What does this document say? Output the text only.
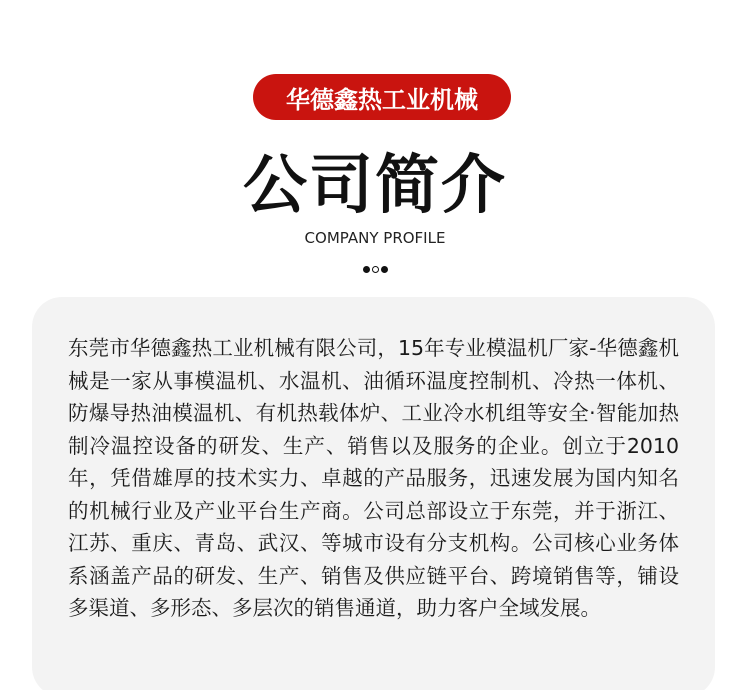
华德鑫热工业机械
公司简介
COMPANY PROFILE

东莞市华德鑫热工业机械有限公司，15年专业模温机厂家-华德鑫机械是一家从事模温机、水温机、油循环温度控制机、冷热一体机、防爆导热油模温机、有机热载体炉、工业冷水机组等安全·智能加热制冷温控设备的研发、生产、销售以及服务的企业。创立于2010年，凭借雄厚的技术实力、卓越的产品服务，迅速发展为国内知名的机械行业及产业平台生产商。公司总部设立于东莞，并于浙江、江苏、重庆、青岛、武汉、等城市设有分支机构。公司核心业务体系涵盖产品的研发、生产、销售及供应链平台、跨境销售等，铺设多渠道、多形态、多层次的销售通道，助力客户全域发展。
